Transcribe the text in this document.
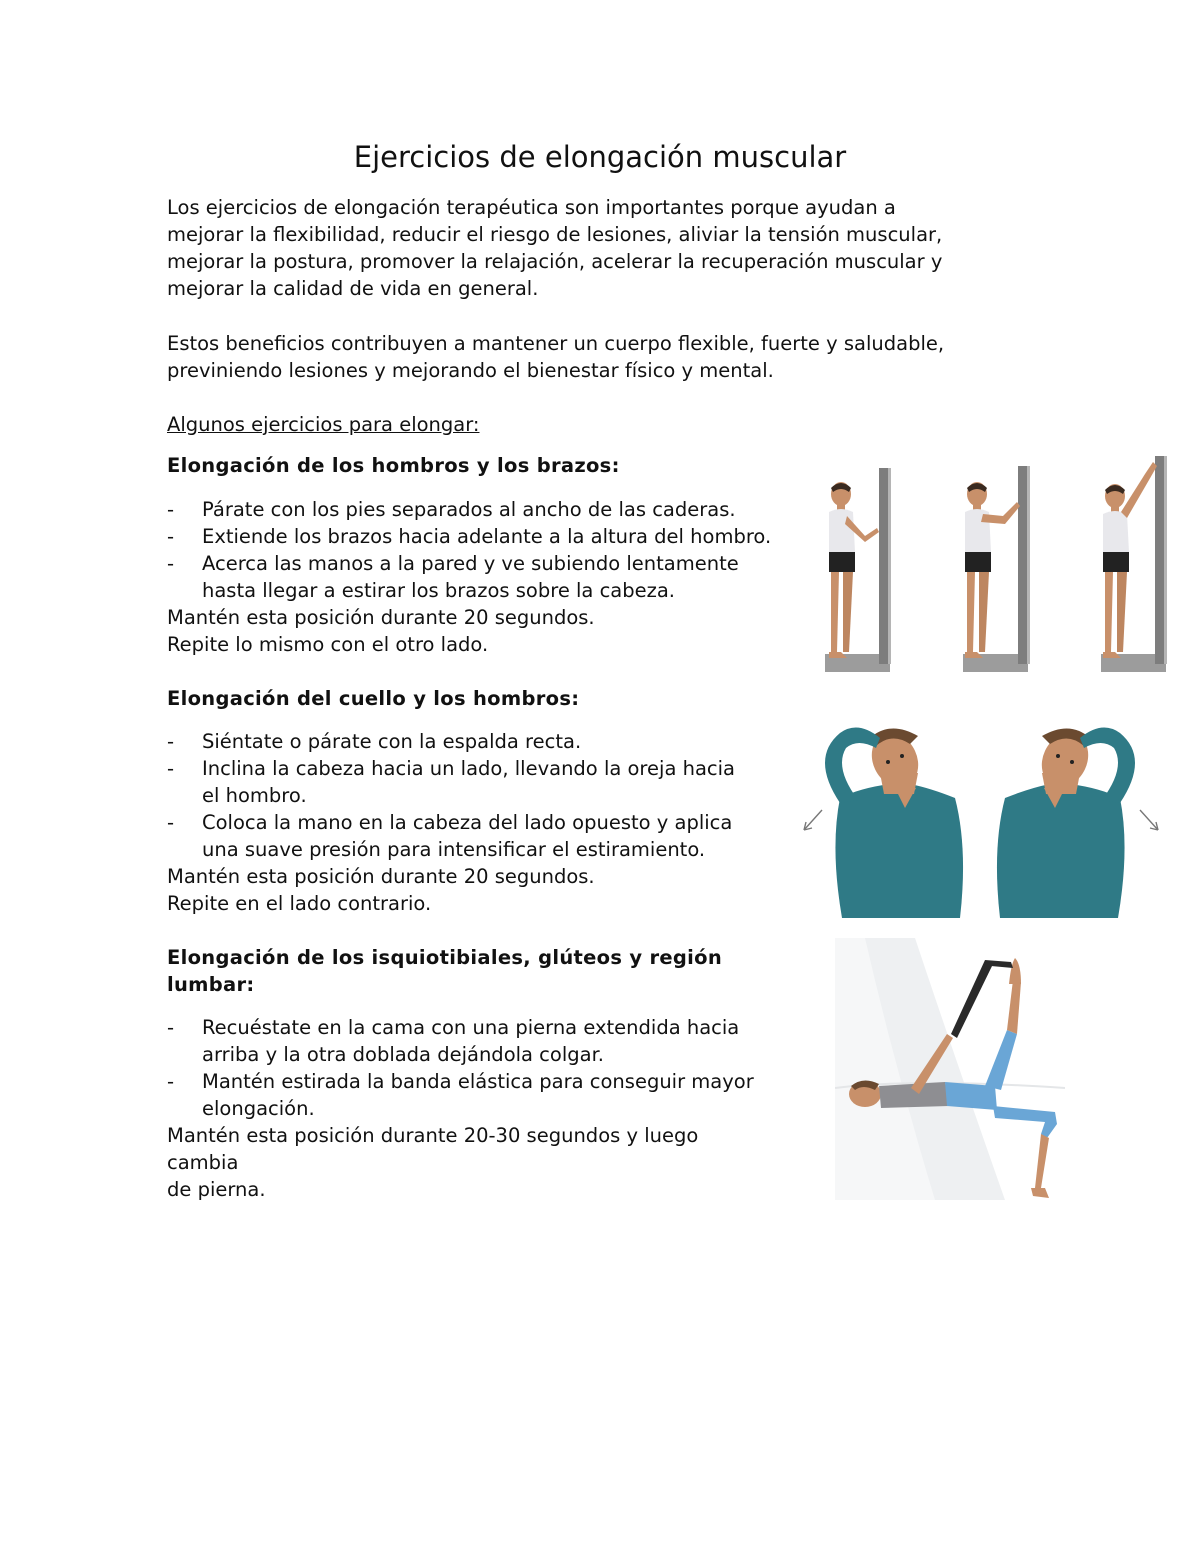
Ejercicios de elongación muscular

Los ejercicios de elongación terapéutica son importantes porque ayudan a
mejorar la flexibilidad, reducir el riesgo de lesiones, aliviar la tensión muscular,
mejorar la postura, promover la relajación, acelerar la recuperación muscular y
mejorar la calidad de vida en general.

Estos beneficios contribuyen a mantener un cuerpo flexible, fuerte y saludable,
previniendo lesiones y mejorando el bienestar físico y mental.

Algunos ejercicios para elongar:

Elongación de los hombros y los brazos:
- Párate con los pies separados al ancho de las caderas.
- Extiende los brazos hacia adelante a la altura del hombro.
- Acerca las manos a la pared y ve subiendo lentamente
hasta llegar a estirar los brazos sobre la cabeza.

Mantén esta posición durante 20 segundos.
Repite lo mismo con el otro lado.

Elongación del cuello y los hombros:
- Siéntate o párate con la espalda recta.
- Inclina la cabeza hacia un lado, llevando la oreja hacia
el hombro.
- Coloca la mano en la cabeza del lado opuesto y aplica
una suave presión para intensificar el estiramiento.

Mantén esta posición durante 20 segundos.
Repite en el lado contrario.

Elongación de los isquiotibiales, glúteos y región
lumbar:
- Recuéstate en la cama con una pierna extendida hacia
arriba y la otra doblada dejándola colgar.
- Mantén estirada la banda elástica para conseguir mayor
elongación.

Mantén esta posición durante 20-30 segundos y luego
cambia
de pierna.
